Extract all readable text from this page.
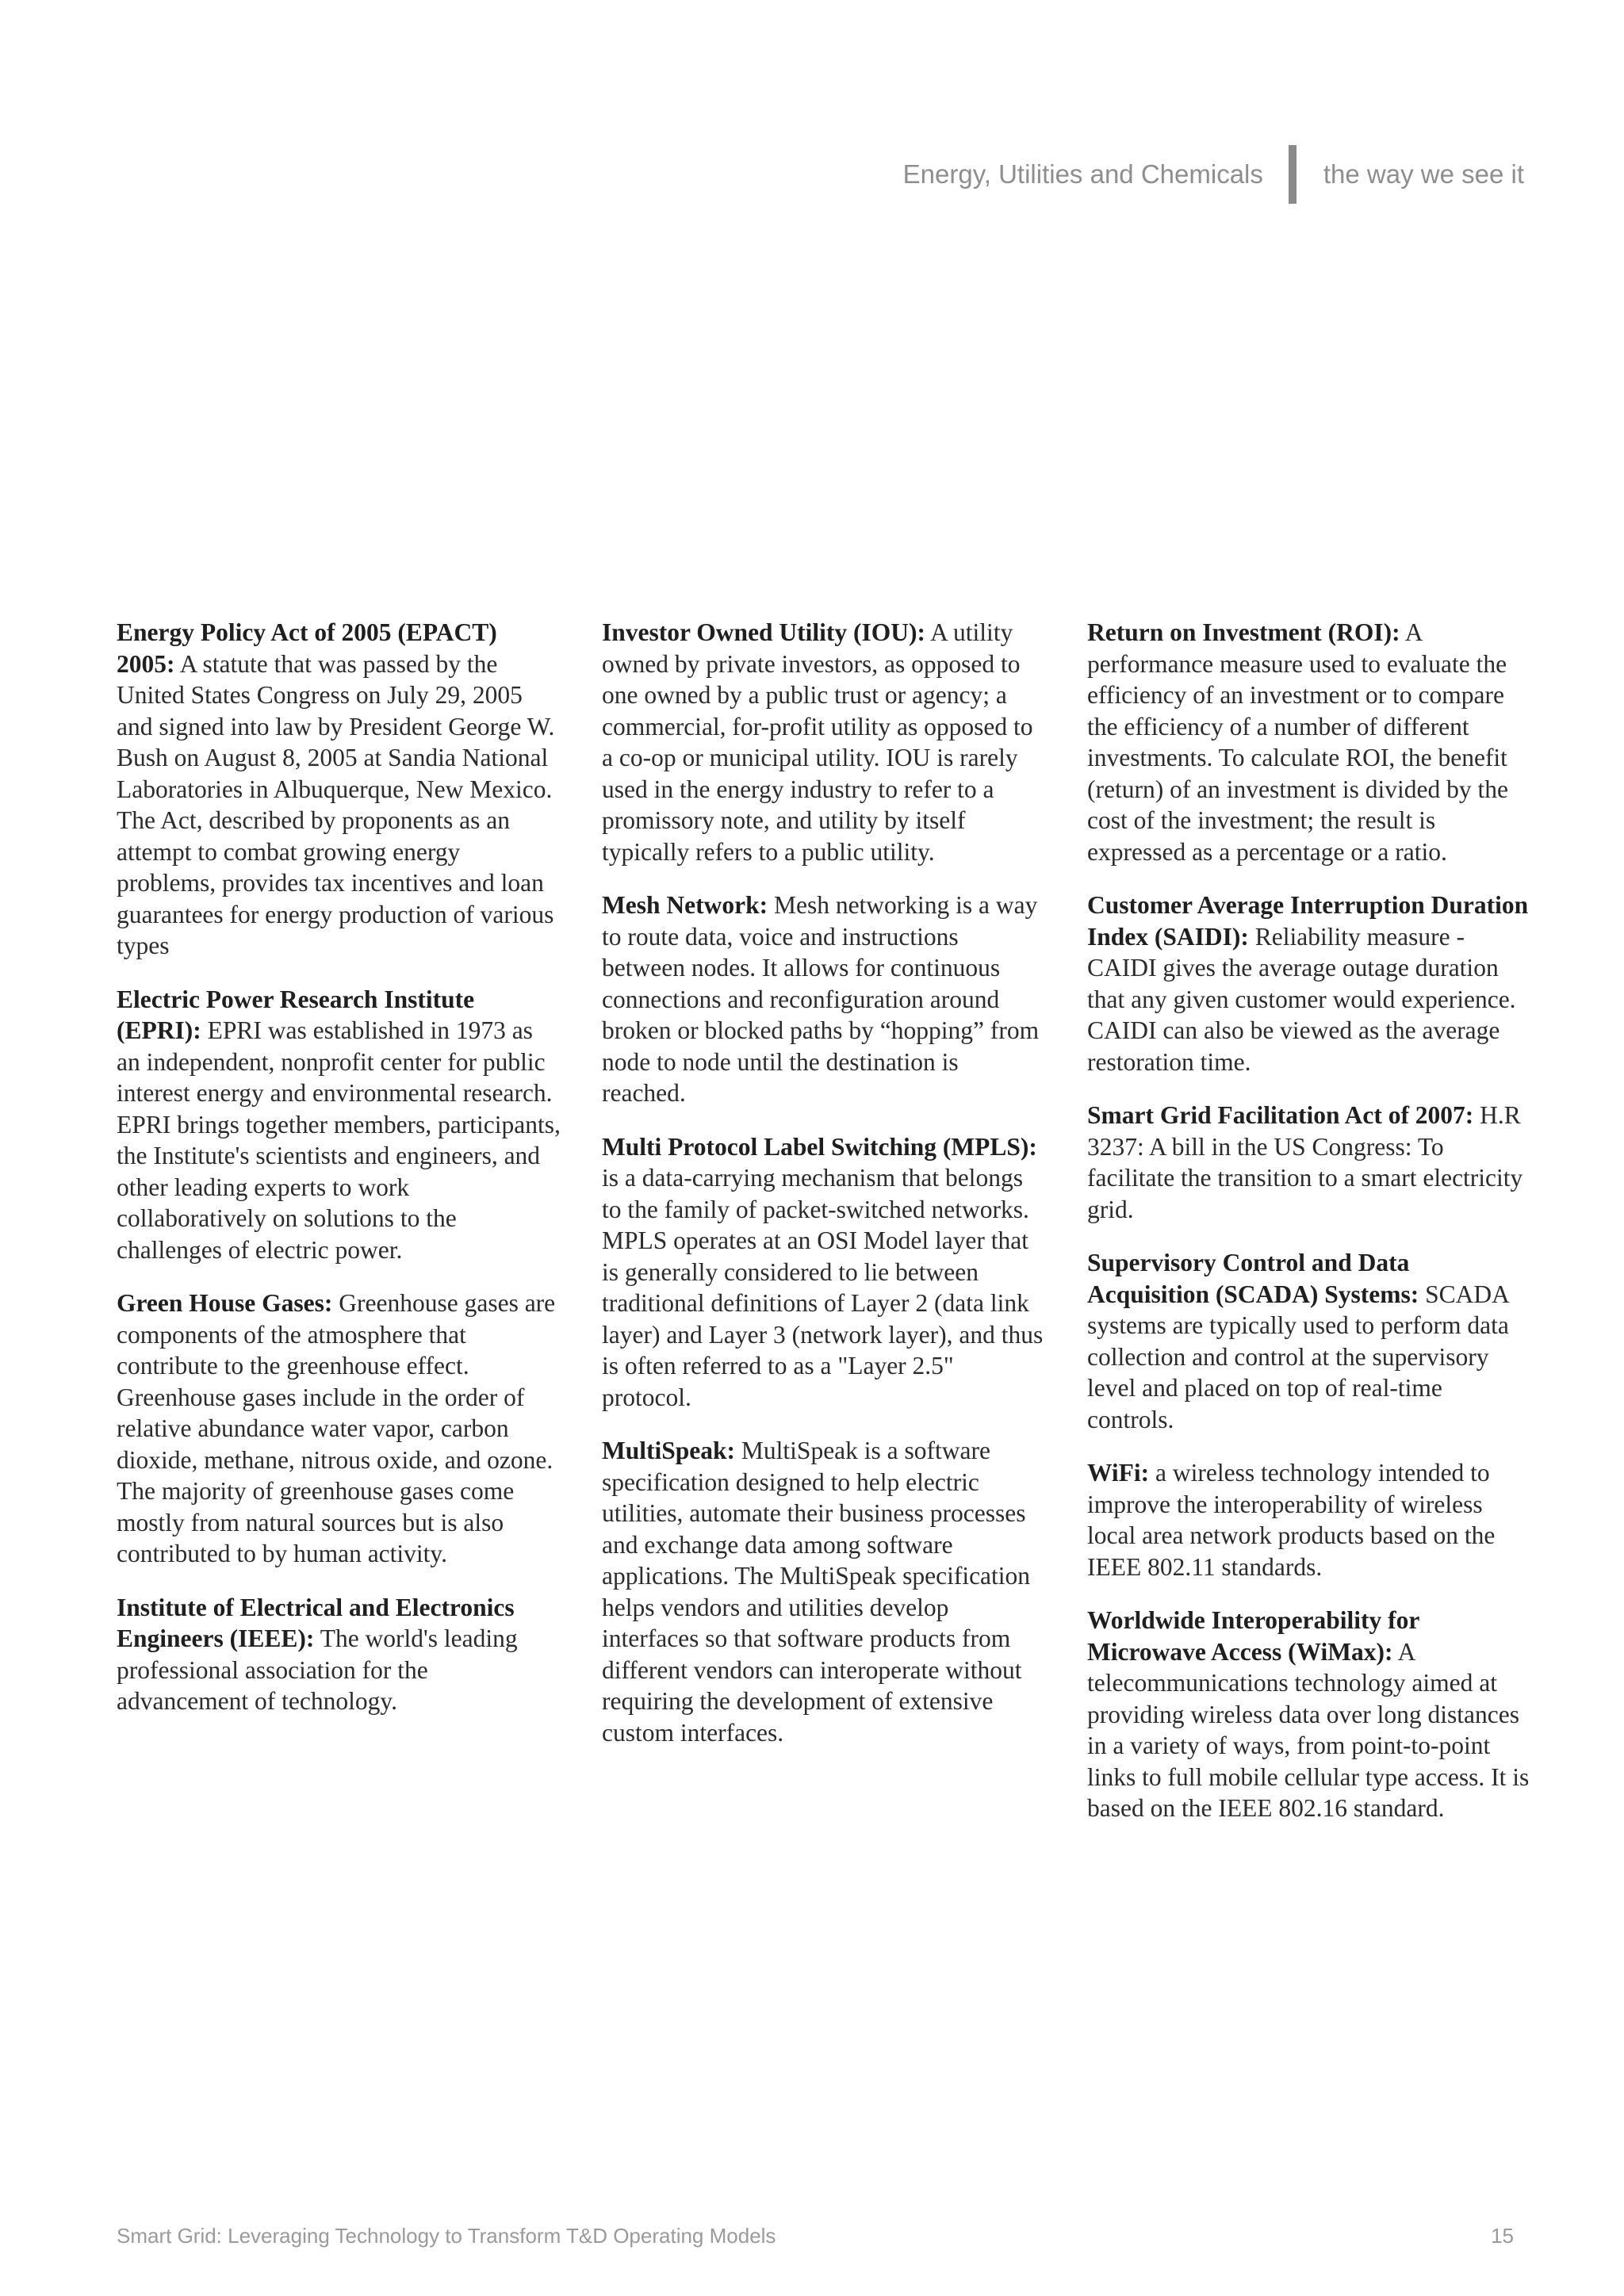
Energy, Utilities and Chemicals the way we see it

Energy Policy Act of 2005 (EPACT) 2005: A statute that was passed by the United States Congress on July 29, 2005 and signed into law by President George W. Bush on August 8, 2005 at Sandia National Laboratories in Albuquerque, New Mexico. The Act, described by proponents as an attempt to combat growing energy problems, provides tax incentives and loan guarantees for energy production of various types

Electric Power Research Institute (EPRI): EPRI was established in 1973 as an independent, nonprofit center for public interest energy and environmental research. EPRI brings together members, participants, the Institute's scientists and engineers, and other leading experts to work collaboratively on solutions to the challenges of electric power.

Green House Gases: Greenhouse gases are components of the atmosphere that contribute to the greenhouse effect. Greenhouse gases include in the order of relative abundance water vapor, carbon dioxide, methane, nitrous oxide, and ozone. The majority of greenhouse gases come mostly from natural sources but is also contributed to by human activity.

Institute of Electrical and Electronics Engineers (IEEE): The world's leading professional association for the advancement of technology.

Investor Owned Utility (IOU): A utility owned by private investors, as opposed to one owned by a public trust or agency; a commercial, for-profit utility as opposed to a co-op or municipal utility. IOU is rarely used in the energy industry to refer to a promissory note, and utility by itself typically refers to a public utility.

Mesh Network: Mesh networking is a way to route data, voice and instructions between nodes. It allows for continuous connections and reconfiguration around broken or blocked paths by “hopping” from node to node until the destination is reached.

Multi Protocol Label Switching (MPLS): is a data-carrying mechanism that belongs to the family of packet-switched networks. MPLS operates at an OSI Model layer that is generally considered to lie between traditional definitions of Layer 2 (data link layer) and Layer 3 (network layer), and thus is often referred to as a "Layer 2.5" protocol.

MultiSpeak: MultiSpeak is a software specification designed to help electric utilities, automate their business processes and exchange data among software applications. The MultiSpeak specification helps vendors and utilities develop interfaces so that software products from different vendors can interoperate without requiring the development of extensive custom interfaces.

Return on Investment (ROI): A performance measure used to evaluate the efficiency of an investment or to compare the efficiency of a number of different investments. To calculate ROI, the benefit (return) of an investment is divided by the cost of the investment; the result is expressed as a percentage or a ratio.

Customer Average Interruption Duration Index (SAIDI): Reliability measure - CAIDI gives the average outage duration that any given customer would experience. CAIDI can also be viewed as the average restoration time.

Smart Grid Facilitation Act of 2007: H.R 3237: A bill in the US Congress: To facilitate the transition to a smart electricity grid.

Supervisory Control and Data Acquisition (SCADA) Systems: SCADA systems are typically used to perform data collection and control at the supervisory level and placed on top of real-time controls.

WiFi: a wireless technology intended to improve the interoperability of wireless local area network products based on the IEEE 802.11 standards.

Worldwide Interoperability for Microwave Access (WiMax): A telecommunications technology aimed at providing wireless data over long distances in a variety of ways, from point-to-point links to full mobile cellular type access. It is based on the IEEE 802.16 standard.

Smart Grid: Leveraging Technology to Transform T&D Operating Models	15
